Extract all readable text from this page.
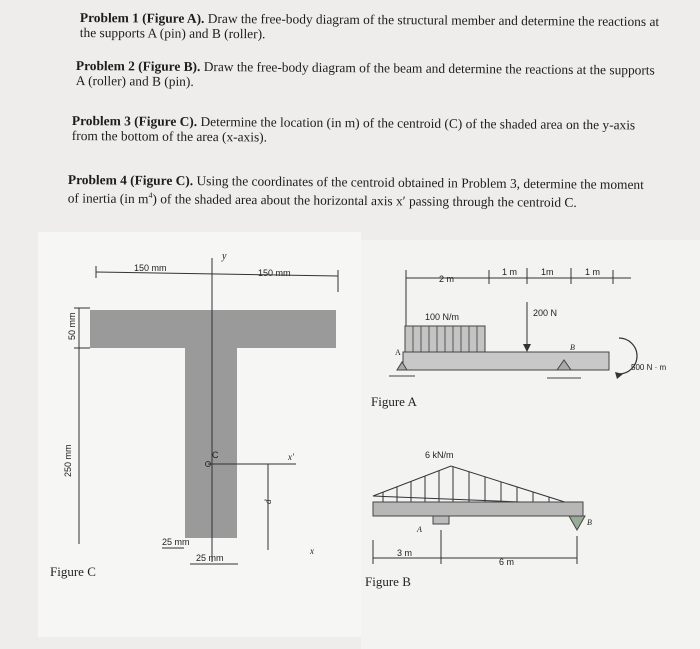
Problem 1 (Figure A). Draw the free-body diagram of the structural member and determine the reactions at the supports A (pin) and B (roller).
Problem 2 (Figure B). Draw the free-body diagram of the beam and determine the reactions at the supports A (roller) and B (pin).
Problem 3 (Figure C). Determine the location (in m) of the centroid (C) of the shaded area on the y-axis from the bottom of the area (x-axis).
Problem 4 (Figure C). Using the coordinates of the centroid obtained in Problem 3, determine the moment of inertia (in $m^4$) of the shaded area about the horizontal axis x′ passing through the centroid C.
y
150 mm	150 mm
50 mm
250 mm
25 mm
25 mm
C	x′
d
x
Figure C
2 m
1 m	1m	1 m
100 N/m	200 N
A
B
500 N · m
Figure A
6 kN/m
A
B
3 m
6 m
Figure B
